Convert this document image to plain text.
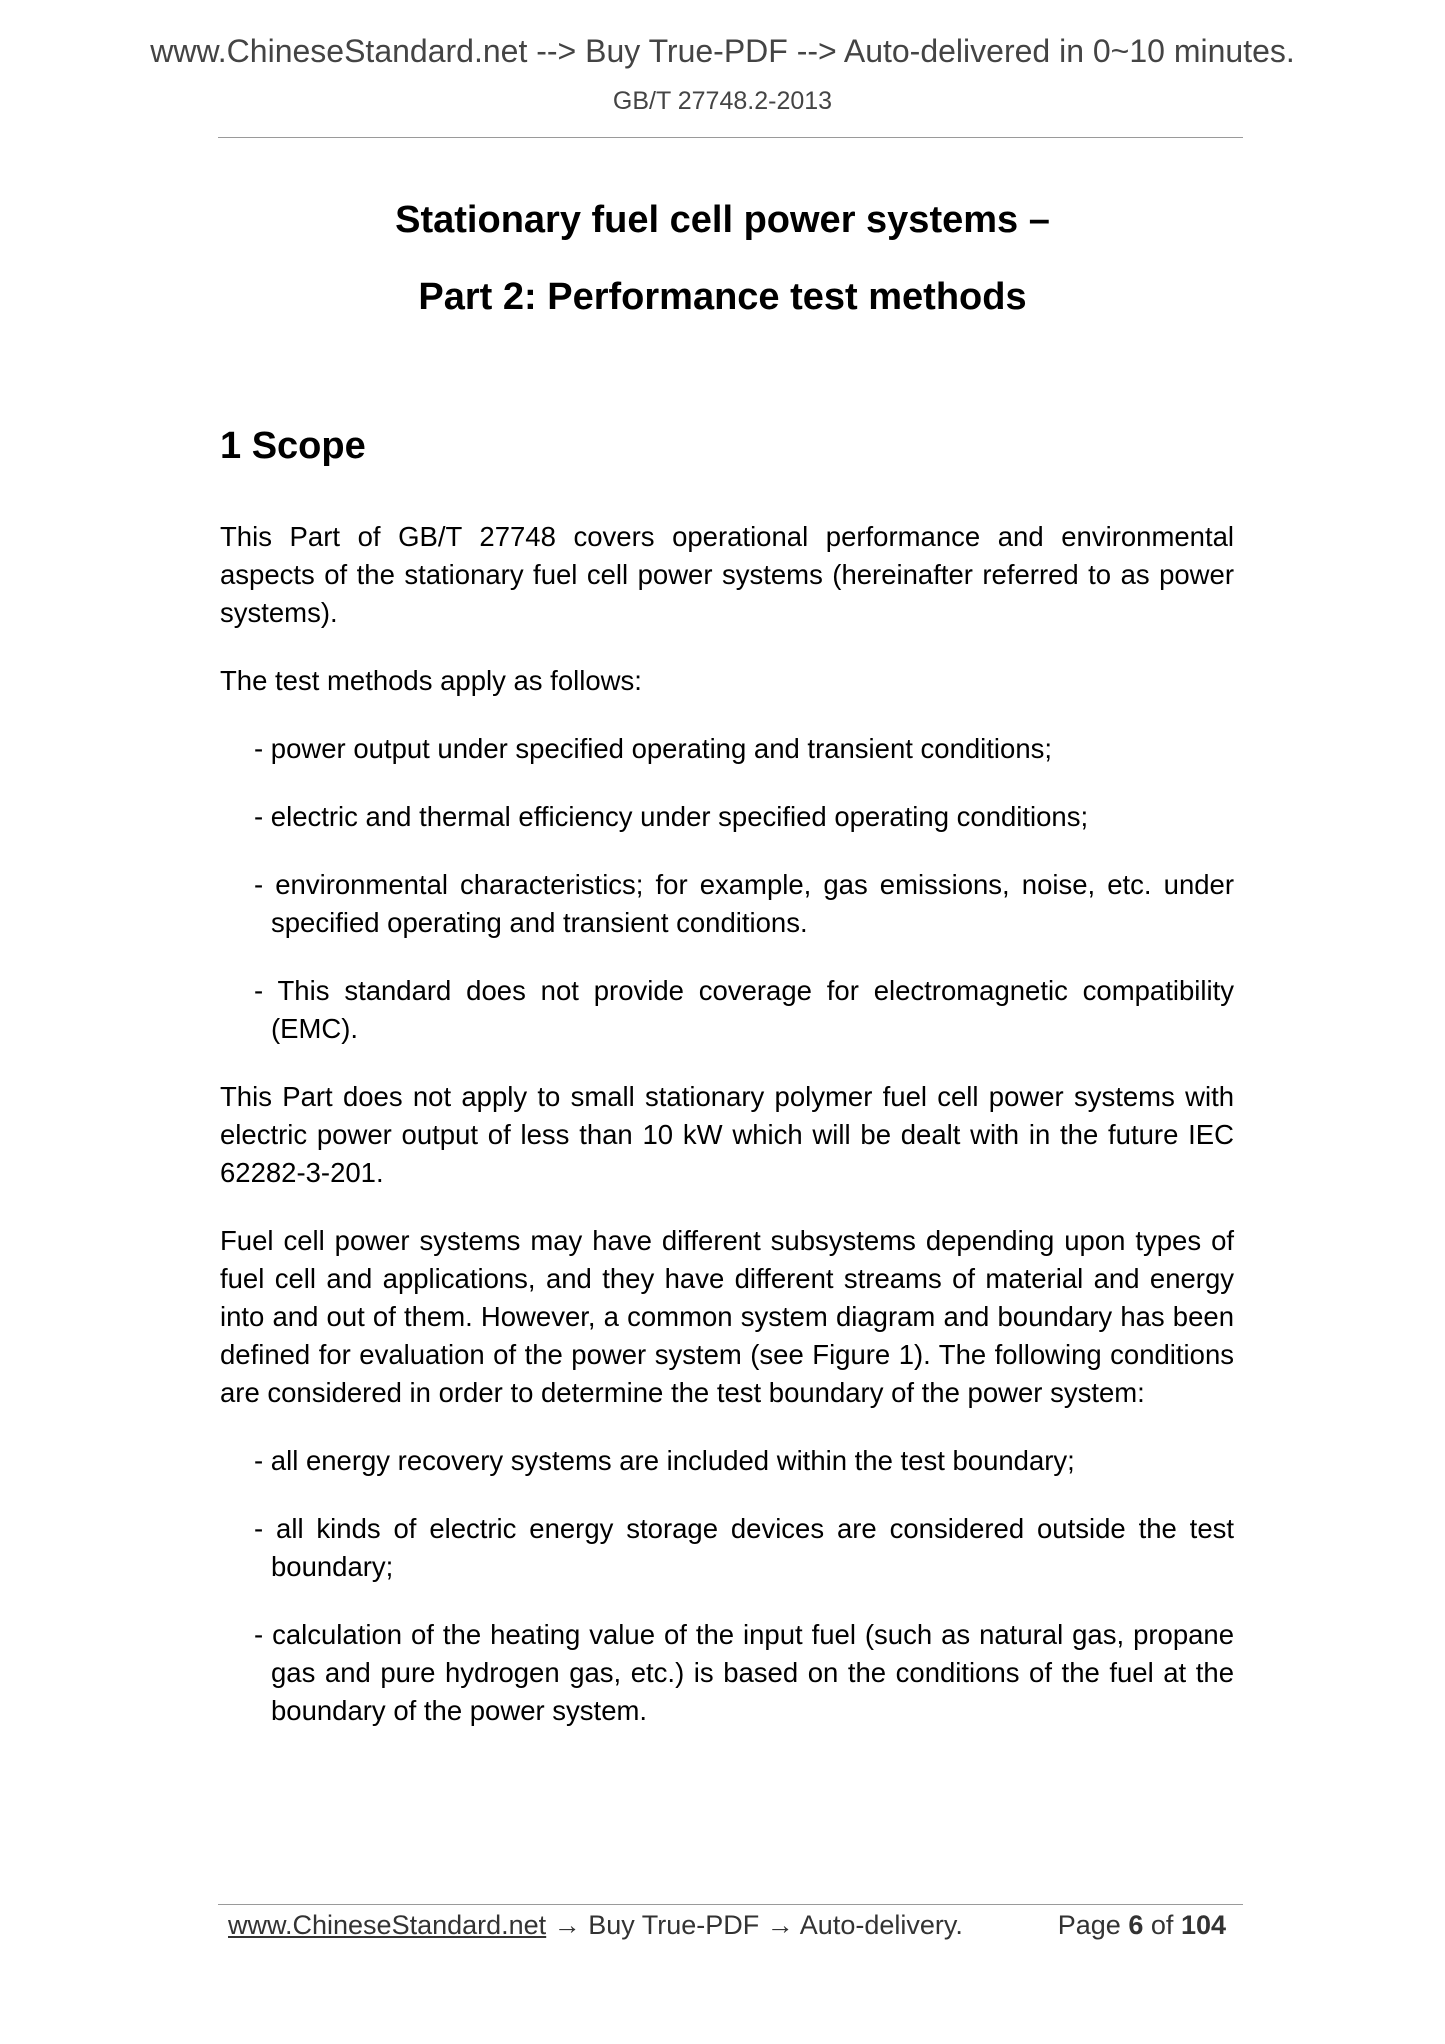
www.ChineseStandard.net --> Buy True-PDF --> Auto-delivered in 0~10 minutes.
GB/T 27748.2-2013
Stationary fuel cell power systems –
Part 2: Performance test methods
1 Scope

This Part of GB/T 27748 covers operational performance and environmental aspects of the stationary fuel cell power systems (hereinafter referred to as power systems).

The test methods apply as follows:

- power output under specified operating and transient conditions;
- electric and thermal efficiency under specified operating conditions;
- environmental characteristics; for example, gas emissions, noise, etc. under specified operating and transient conditions.
- This standard does not provide coverage for electromagnetic compatibility (EMC).

This Part does not apply to small stationary polymer fuel cell power systems with electric power output of less than 10 kW which will be dealt with in the future IEC 62282-3-201.

Fuel cell power systems may have different subsystems depending upon types of fuel cell and applications, and they have different streams of material and energy into and out of them. However, a common system diagram and boundary has been defined for evaluation of the power system (see Figure 1). The following conditions are considered in order to determine the test boundary of the power system:

- all energy recovery systems are included within the test boundary;
- all kinds of electric energy storage devices are considered outside the test boundary;
- calculation of the heating value of the input fuel (such as natural gas, propane gas and pure hydrogen gas, etc.) is based on the conditions of the fuel at the boundary of the power system.
www.ChineseStandard.net → Buy True-PDF → Auto-delivery.	Page 6 of 104
